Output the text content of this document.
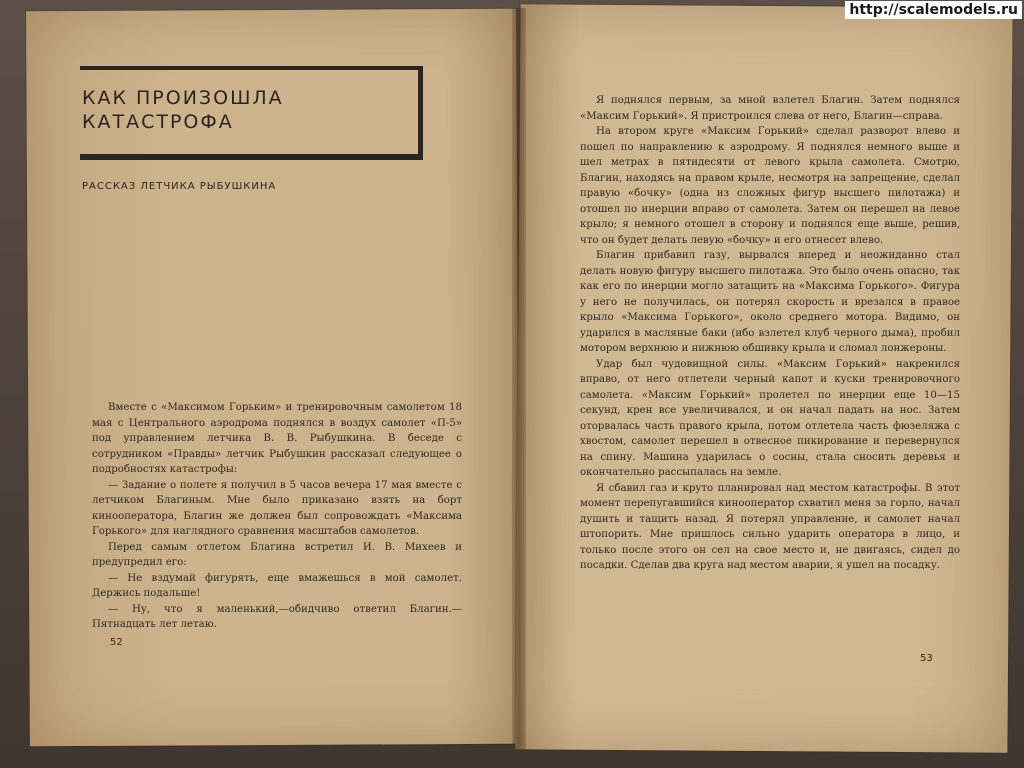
КАК ПРОИЗОШЛА
КАТАСТРОФА
РАССКАЗ ЛЕТЧИКА РЫБУШКИНА

Вместе с «Максимом Горьким» и тренировочным самолетом 18 мая с Центрального аэродрома поднялся в воздух самолет «П-5» под управлением летчика В. В. Рыбушкина. В беседе с сотрудником «Правды» летчик Рыбушкин рассказал следующее о подробностях катастрофы:

— Задание о полете я получил в 5 часов вечера 17 мая вместе с летчиком Благиным. Мне было приказано взять на борт кинооператора, Благин же должен был сопровождать «Максима Горького» для наглядного сравнения масштабов самолетов.

Перед самым отлетом Благина встретил И. В. Михеев и предупредил его:

— Не вздумай фигурять, еще вмажешься в мой самолет. Держись подальше!

— Ну, что я маленький,—обидчиво ответил Благин.—Пятнадцать лет летаю.

52

Я поднялся первым, за мной взлетел Благин. Затем поднялся «Максим Горький». Я пристроился слева от него, Благин—справа.

На втором круге «Максим Горький» сделал разворот влево и пошел по направлению к аэродрому. Я поднялся немного выше и шел метрах в пятидесяти от левого крыла самолета. Смотрю, Благин, находясь на правом крыле, несмотря на запрещение, сделал правую «бочку» (одна из сложных фигур высшего пилотажа) и отошел по инерции вправо от самолета. Затем он перешел на левое крыло; я немного отошел в сторону и поднялся еще выше, решив, что он будет делать левую «бочку» и его отнесет влево.

Благин прибавил газу, вырвался вперед и неожиданно стал делать новую фигуру высшего пилотажа. Это было очень опасно, так как его по инерции могло затащить на «Максима Горького». Фигура у него не получилась, он потерял скорость и врезался в правое крыло «Максима Горького», около среднего мотора. Видимо, он ударился в масляные баки (ибо взлетел клуб черного дыма), пробил мотором верхнюю и нижнюю обшивку крыла и сломал лонжероны.

Удар был чудовищной силы. «Максим Горький» накренился вправо, от него отлетели черный капот и куски тренировочного самолета. «Максим Горький» пролетел по инерции еще 10—15 секунд, крен все увеличивался, и он начал падать на нос. Затем оторвалась часть правого крыла, потом отлетела часть фюзеляжа с хвостом, самолет перешел в отвесное пикирование и перевернулся на спину. Машина ударилась о сосны, стала сносить деревья и окончательно рассыпалась на земле.

Я сбавил газ и круто планировал над местом катастрофы. В этот момент перепугавшийся кинооператор схватил меня за горло, начал душить и тащить назад. Я потерял управление, и самолет начал штопорить. Мне пришлось сильно ударить оператора в лицо, и только после этого он сел на свое место и, не двигаясь, сидел до посадки. Сделав два круга над местом аварии, я ушел на посадку.

53
http://scalemodels.ru
